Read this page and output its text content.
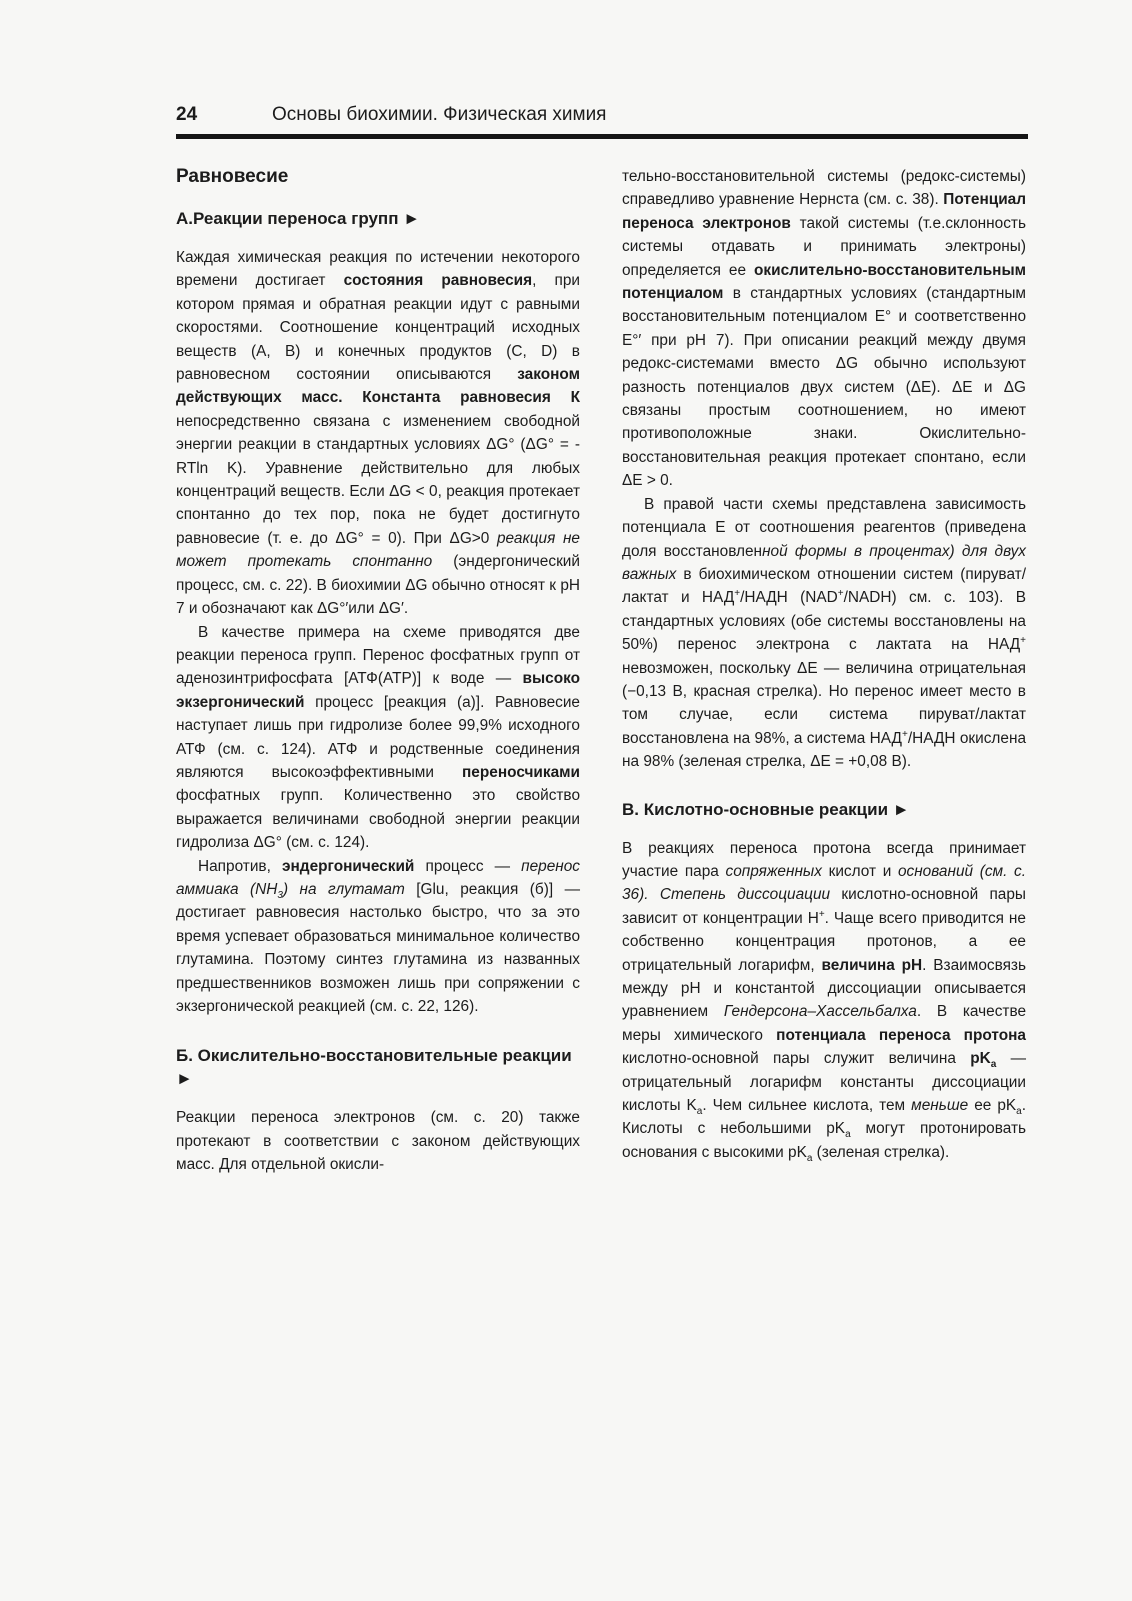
24	Основы биохимии. Физическая химия
Равновесие
А.Реакции переноса групп ►

Каждая химическая реакция по истечении некоторого времени достигает состояния равновесия, при котором прямая и обратная реакции идут с равными скоростями. Соотношение концентраций исходных веществ (А, В) и конечных продуктов (С, D) в равновесном состоянии описываются законом действующих масс. Константа равновесия К непосредственно связана с изменением свободной энергии реакции в стандартных условиях ΔG° (ΔG° = -RTln K). Уравнение действительно для любых концентраций веществ. Если ΔG < 0, реакция протекает спонтанно до тех пор, пока не будет достигнуто равновесие (т. е. до ΔG° = 0). При ΔG>0 реакция не может протекать спонтанно (эндергонический процесс, см. с. 22). В биохимии ΔG обычно относят к pH 7 и обозначают как ΔG°′или ΔG′.

В качестве примера на схеме приводятся две реакции переноса групп. Перенос фосфатных групп от аденозинтрифосфата [АТФ(АТР)] к воде — высоко экзергонический процесс [реакция (а)]. Равновесие наступает лишь при гидролизе более 99,9% исходного АТФ (см. с. 124). АТФ и родственные соединения являются высокоэффективными переносчиками фосфатных групп. Количественно это свойство выражается величинами свободной энергии реакции гидролиза ΔG° (см. с. 124).

Напротив, эндергонический процесс — перенос аммиака $(NH_3)$ на глутамат [Glu, реакция (б)] — достигает равновесия настолько быстро, что за это время успевает образоваться минимальное количество глутамина. Поэтому синтез глутамина из названных предшественников возможен лишь при сопряжении с экзергонической реакцией (см. с. 22, 126).

Б. Окислительно-восстановительные реакции ►

Реакции переноса электронов (см. с. 20) также протекают в соответствии с законом действующих масс. Для отдельной окисли-

тельно-восстановительной системы (редокс-системы) справедливо уравнение Нернста (см. с. 38). Потенциал переноса электронов такой системы (т.е.склонность системы отдавать и принимать электроны) определяется ее окислительно-восстановительным потенциалом в стандартных условиях (стандартным восстановительным потенциалом E° и соответственно E°′ при pH 7). При описании реакций между двумя редокс-системами вместо ΔG обычно используют разность потенциалов двух систем (ΔE). ΔE и ΔG связаны простым соотношением, но имеют противоположные знаки. Окислительно-восстановительная реакция протекает спонтано, если ΔE > 0.

В правой части схемы представлена зависимость потенциала E от соотношения реагентов (приведена доля восстановленной формы в процентах) для двух важных в биохимическом отношении систем (пируват/лактат и НАД+/НАДН (NAD+/NADH) см. с. 103). В стандартных условиях (обе системы восстановлены на 50%) перенос электрона с лактата на НАД+ невозможен, поскольку ΔE — величина отрицательная (−0,13 В, красная стрелка). Но перенос имеет место в том случае, если система пируват/лактат восстановлена на 98%, а система НАД+/НАДН окислена на 98% (зеленая стрелка, ΔE = +0,08 В).

В. Кислотно-основные реакции ►

В реакциях переноса протона всегда принимает участие пара сопряженных кислот и оснований (см. с. 36). Степень диссоциации кислотно-основной пары зависит от концентрации H+. Чаще всего приводится не собственно концентрация протонов, а ее отрицательный логарифм, величина pH. Взаимосвязь между pH и константой диссоциации описывается уравнением Гендерсона–Хассельбалха. В качестве меры химического потенциала переноса протона кислотно-основной пары служит величина $pK_a$ — отрицательный логарифм константы диссоциации кислоты $K_a$. Чем сильнее кислота, тем меньше ее $pK_a$. Кислоты с небольшими $pK_a$ могут протонировать основания с высокими $pK_a$ (зеленая стрелка).
